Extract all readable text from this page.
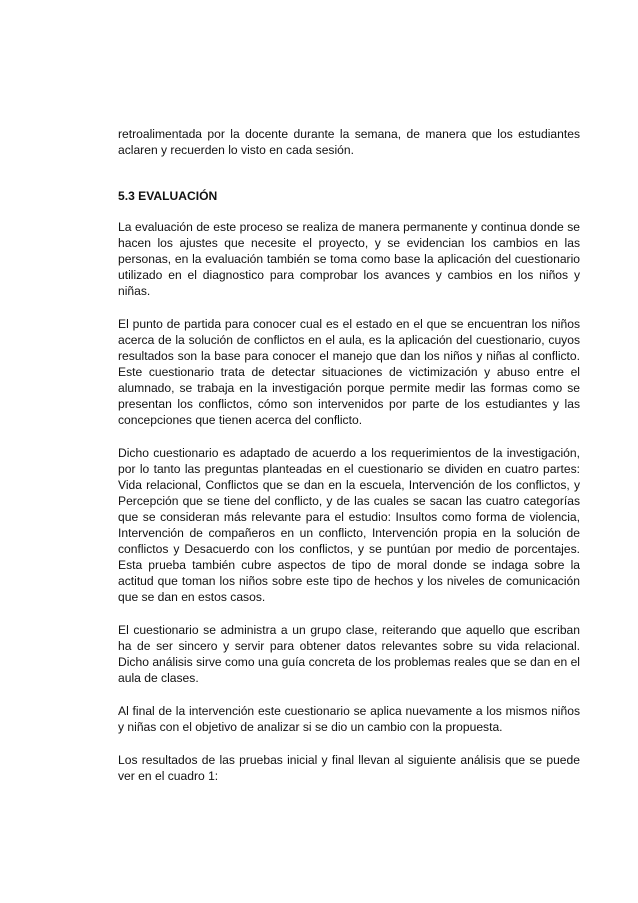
retroalimentada por la docente durante la semana, de manera que los estudiantes aclaren y recuerden lo visto en cada sesión.

5.3 EVALUACIÓN

La evaluación de este proceso se realiza de manera permanente y continua donde se hacen los ajustes que necesite el proyecto, y se evidencian los cambios en las personas, en la evaluación también se toma como base la aplicación del cuestionario utilizado en el diagnostico para comprobar los avances y cambios en los niños y niñas.

El punto de partida para conocer cual es el estado en el que se encuentran los niños acerca de la solución de conflictos en el aula, es la aplicación del cuestionario, cuyos resultados son la base para conocer el manejo que dan los niños y niñas al conflicto. Este cuestionario trata de detectar situaciones de victimización y abuso entre el alumnado, se trabaja en la investigación porque permite medir las formas como se presentan los conflictos, cómo son intervenidos por parte de los estudiantes y las concepciones que tienen acerca del conflicto.

Dicho cuestionario es adaptado de acuerdo a los requerimientos de la investigación, por lo tanto las preguntas planteadas en el cuestionario se dividen en cuatro partes: Vida relacional, Conflictos que se dan en la escuela, Intervención de los conflictos, y Percepción que se tiene del conflicto, y de las cuales se sacan las cuatro categorías que se consideran más relevante para el estudio: Insultos como forma de violencia, Intervención de compañeros en un conflicto, Intervención propia en la solución de conflictos y Desacuerdo con los conflictos, y se puntúan por medio de porcentajes. Esta prueba también cubre aspectos de tipo de moral donde se indaga sobre la actitud que toman los niños sobre este tipo de hechos y los niveles de comunicación que se dan en estos casos.

El cuestionario se administra a un grupo clase, reiterando que aquello que escriban ha de ser sincero y servir para obtener datos relevantes sobre su vida relacional. Dicho análisis sirve como una guía concreta de los problemas reales que se dan en el aula de clases.

Al final de la intervención este cuestionario se aplica nuevamente a los mismos niños y niñas con el objetivo de analizar si se dio un cambio con la propuesta.

Los resultados de las pruebas inicial y final llevan al siguiente análisis que se puede ver en el cuadro 1:
